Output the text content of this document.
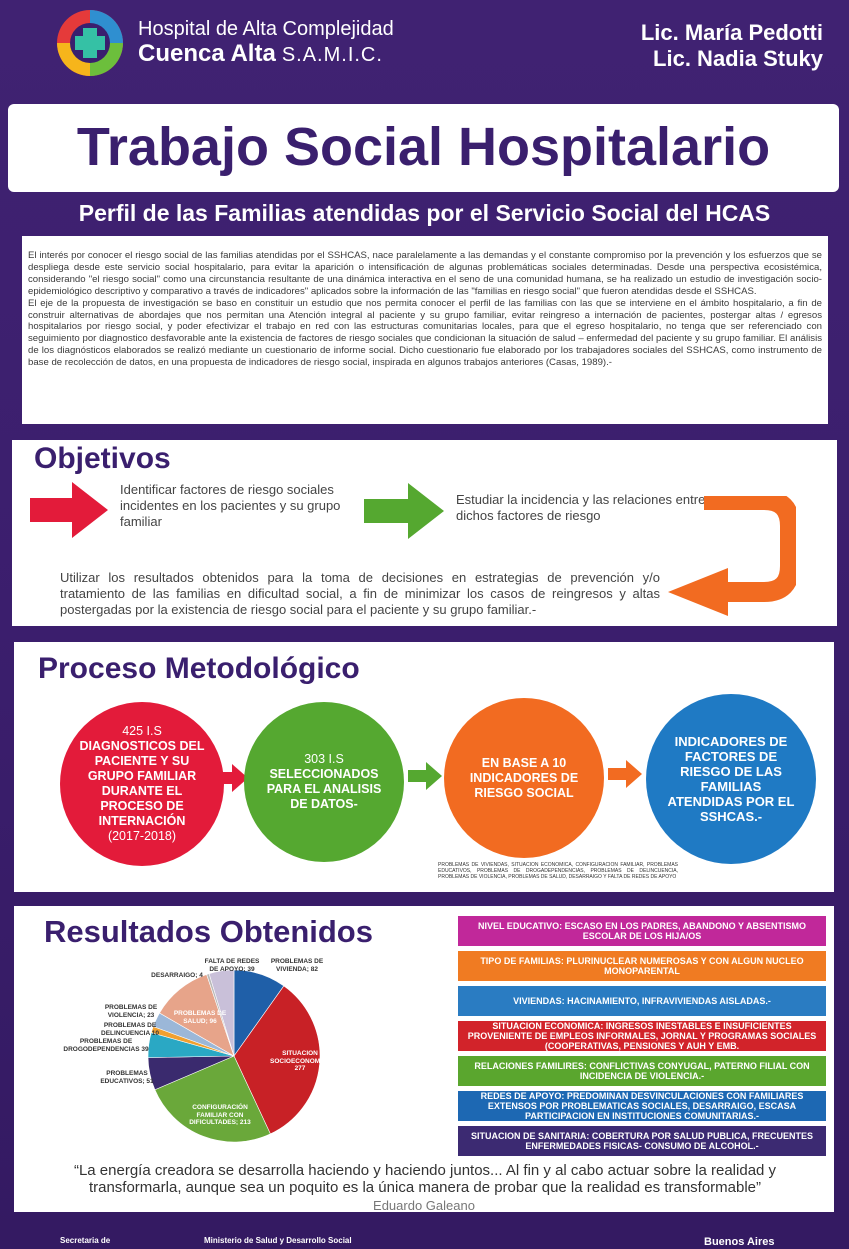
Hospital de Alta Complejidad
Cuenca Alta S.A.M.I.C.
Lic. María Pedotti
Lic. Nadia Stuky
Trabajo Social Hospitalario
Perfil de las Familias atendidas por el Servicio Social del HCAS

El interés por conocer el riesgo social de las familias atendidas por el SSHCAS, nace paralelamente a las demandas y el constante compromiso por la prevención y los esfuerzos que se despliega desde este servicio social hospitalario, para evitar la aparición o intensificación de algunas problemáticas sociales determinadas. Desde una perspectiva ecosistémica, considerando "el riesgo social" como una circunstancia resultante de una dinámica interactiva en el seno de una comunidad humana, se ha realizado un estudio de investigación socio-epidemiológico descriptivo y comparativo a través de indicadores" aplicados sobre la información de las "familias en riesgo social" que fueron atendidas desde el SSHCAS.

El eje de la propuesta de investigación se baso en constituir un estudio que nos permita conocer el perfil de las familias con las que se interviene en el ámbito hospitalario, a fin de construir alternativas de abordajes que nos permitan una Atención integral al paciente y su grupo familiar, evitar reingreso a internación de pacientes, postergar altas / egresos hospitalarios por riesgo social, y poder efectivizar el trabajo en red con las estructuras comunitarias locales, para que el egreso hospitalario, no tenga que ser referenciado con seguimiento por diagnostico desfavorable ante la existencia de factores de riesgo sociales que condicionan la situación de salud – enfermedad del paciente y su grupo familiar. El análisis de los diagnósticos elaborados se realizó mediante un cuestionario de informe social. Dicho cuestionario fue elaborado por los trabajadores sociales del SSHCAS, como instrumento de base de recolección de datos, en una propuesta de indicadores de riesgo social, inspirada en algunos trabajos anteriores (Casas, 1989).-

Objetivos
Identificar factores de riesgo sociales incidentes en los pacientes y su grupo familiar
Estudiar la incidencia y las relaciones entre dichos factores de riesgo
Utilizar los resultados obtenidos para la toma de decisiones en estrategias de prevención y/o tratamiento de las familias en dificultad social, a fin de minimizar los casos de reingresos y altas postergadas por la existencia de riesgo social para el paciente y su grupo familiar.-
Proceso Metodológico
425 I.S
DIAGNOSTICOS DEL PACIENTE Y SU GRUPO FAMILIAR DURANTE EL PROCESO DE INTERNACIÓN
(2017-2018)
303 I.S
SELECCIONADOS PARA EL ANALISIS DE DATOS-
EN BASE A 10 INDICADORES DE RIESGO SOCIAL
INDICADORES DE FACTORES DE RIESGO DE LAS FAMILIAS ATENDIDAS POR EL SSHCAS.-
PROBLEMAS DE VIVIENDAS, SITUACION ECONOMICA, CONFIGURACION FAMILIAR, PROBLEMAS EDUCATIVOS, PROBLEMAS DE DROGADEPENDENCIAS, PROBLEMAS DE DELINCUENCIA, PROBLEMAS DE VIOLENCIA, PROBLEMAS DE SALUD, DESARRAIGO Y FALTA DE REDES DE APOYO
Resultados Obtenidos
FALTA DE REDES DE APOYO; 39
PROBLEMAS DE VIVIENDA; 82
DESARRAIGO; 4
PROBLEMAS DE VIOLENCIA; 23
PROBLEMAS DE DELINCUENCIA 10
PROBLEMAS DE DROGODEPENDENCIAS 39
PROBLEMAS EDUCATIVOS; 51
PROBLEMAS DE SALUD; 96
SITUACION SOCIOECONOMICA; 277
CONFIGURACIÓN FAMILIAR CON DIFICULTADES; 213
NIVEL EDUCATIVO: ESCASO EN LOS PADRES, ABANDONO Y ABSENTISMO ESCOLAR DE LOS HIJA/OS
TIPO DE FAMILIAS: PLURINUCLEAR NUMEROSAS Y CON ALGUN NUCLEO MONOPARENTAL
VIVIENDAS: HACINAMIENTO, INFRAVIVIENDAS AISLADAS.-
SITUACION ECONOMICA: INGRESOS INESTABLES E INSUFICIENTES PROVENIENTE DE EMPLEOS INFORMALES, JORNAL Y PROGRAMAS SOCIALES (COOPERATIVAS, PENSIONES Y AUH Y EMB.
RELACIONES FAMILIRES: CONFLICTIVAS CONYUGAL, PATERNO FILIAL CON INCIDENCIA DE VIOLENCIA.-
REDES DE APOYO: PREDOMINAN DESVINCULACIONES CON FAMILIARES EXTENSOS POR PROBLEMATICAS SOCIALES, DESARRAIGO, ESCASA PARTICIPACION EN INSTITUCIONES COMUNITARIAS.-
SITUACION DE SANITARIA: COBERTURA POR SALUD PUBLICA, FRECUENTES ENFERMEDADES FISICAS- CONSUMO DE ALCOHOL.-
“La energía creadora se desarrolla haciendo y haciendo juntos... Al fin y al cabo actuar sobre la realidad y transformarla, aunque sea un poquito es la única manera de probar que la realidad es transformable”
Eduardo Galeano
Secretaria de	Ministerio de Salud y Desarrollo Social	Buenos Aires
